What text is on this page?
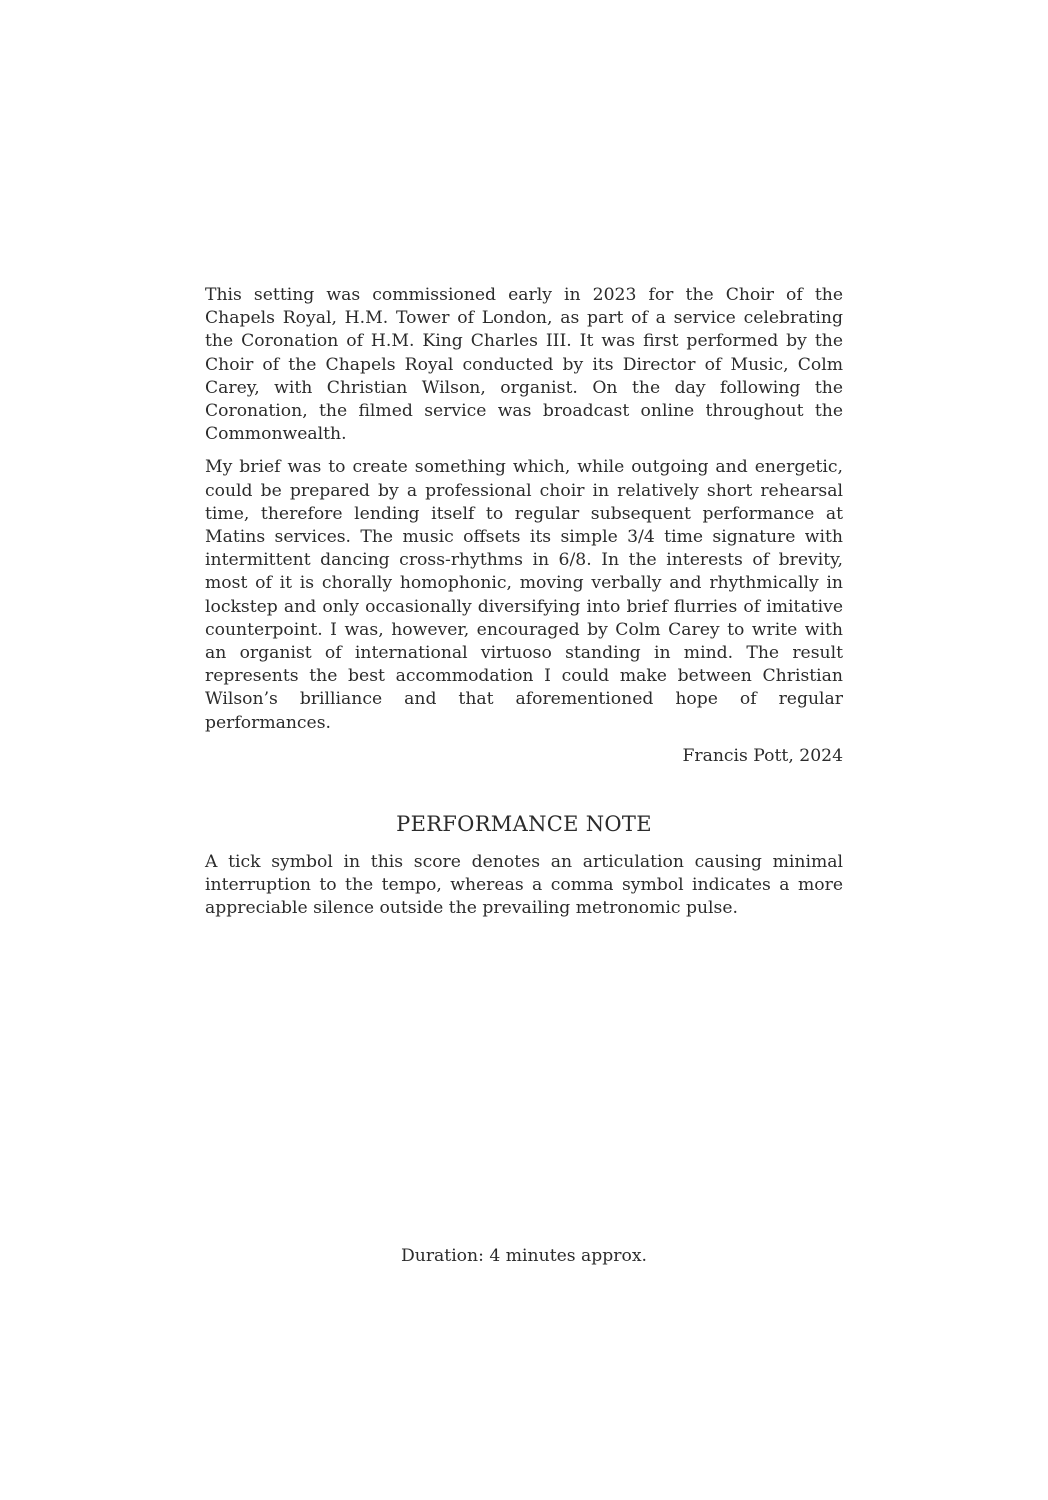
This setting was commissioned early in 2023 for the Choir of the Chapels Royal, H.M. Tower of London, as part of a service celebrating the Coronation of H.M. King Charles III. It was first performed by the Choir of the Chapels Royal conducted by its Director of Music, Colm Carey, with Christian Wilson, organist. On the day following the Coronation, the filmed service was broadcast online throughout the Commonwealth.

My brief was to create something which, while outgoing and energetic, could be prepared by a professional choir in relatively short rehearsal time, therefore lending itself to regular subsequent performance at Matins services. The music offsets its simple 3/4 time signature with intermittent dancing cross-rhythms in 6/8. In the interests of brevity, most of it is chorally homophonic, moving verbally and rhythmically in lockstep and only occasionally diversifying into brief flurries of imitative counterpoint. I was, however, encouraged by Colm Carey to write with an organist of international virtuoso standing in mind. The result represents the best accommodation I could make between Christian Wilson’s brilliance and that aforementioned hope of regular performances.

Francis Pott, 2024

PERFORMANCE NOTE

A tick symbol in this score denotes an articulation causing minimal interruption to the tempo, whereas a comma symbol indicates a more appreciable silence outside the prevailing metronomic pulse.

Duration: 4 minutes approx.
